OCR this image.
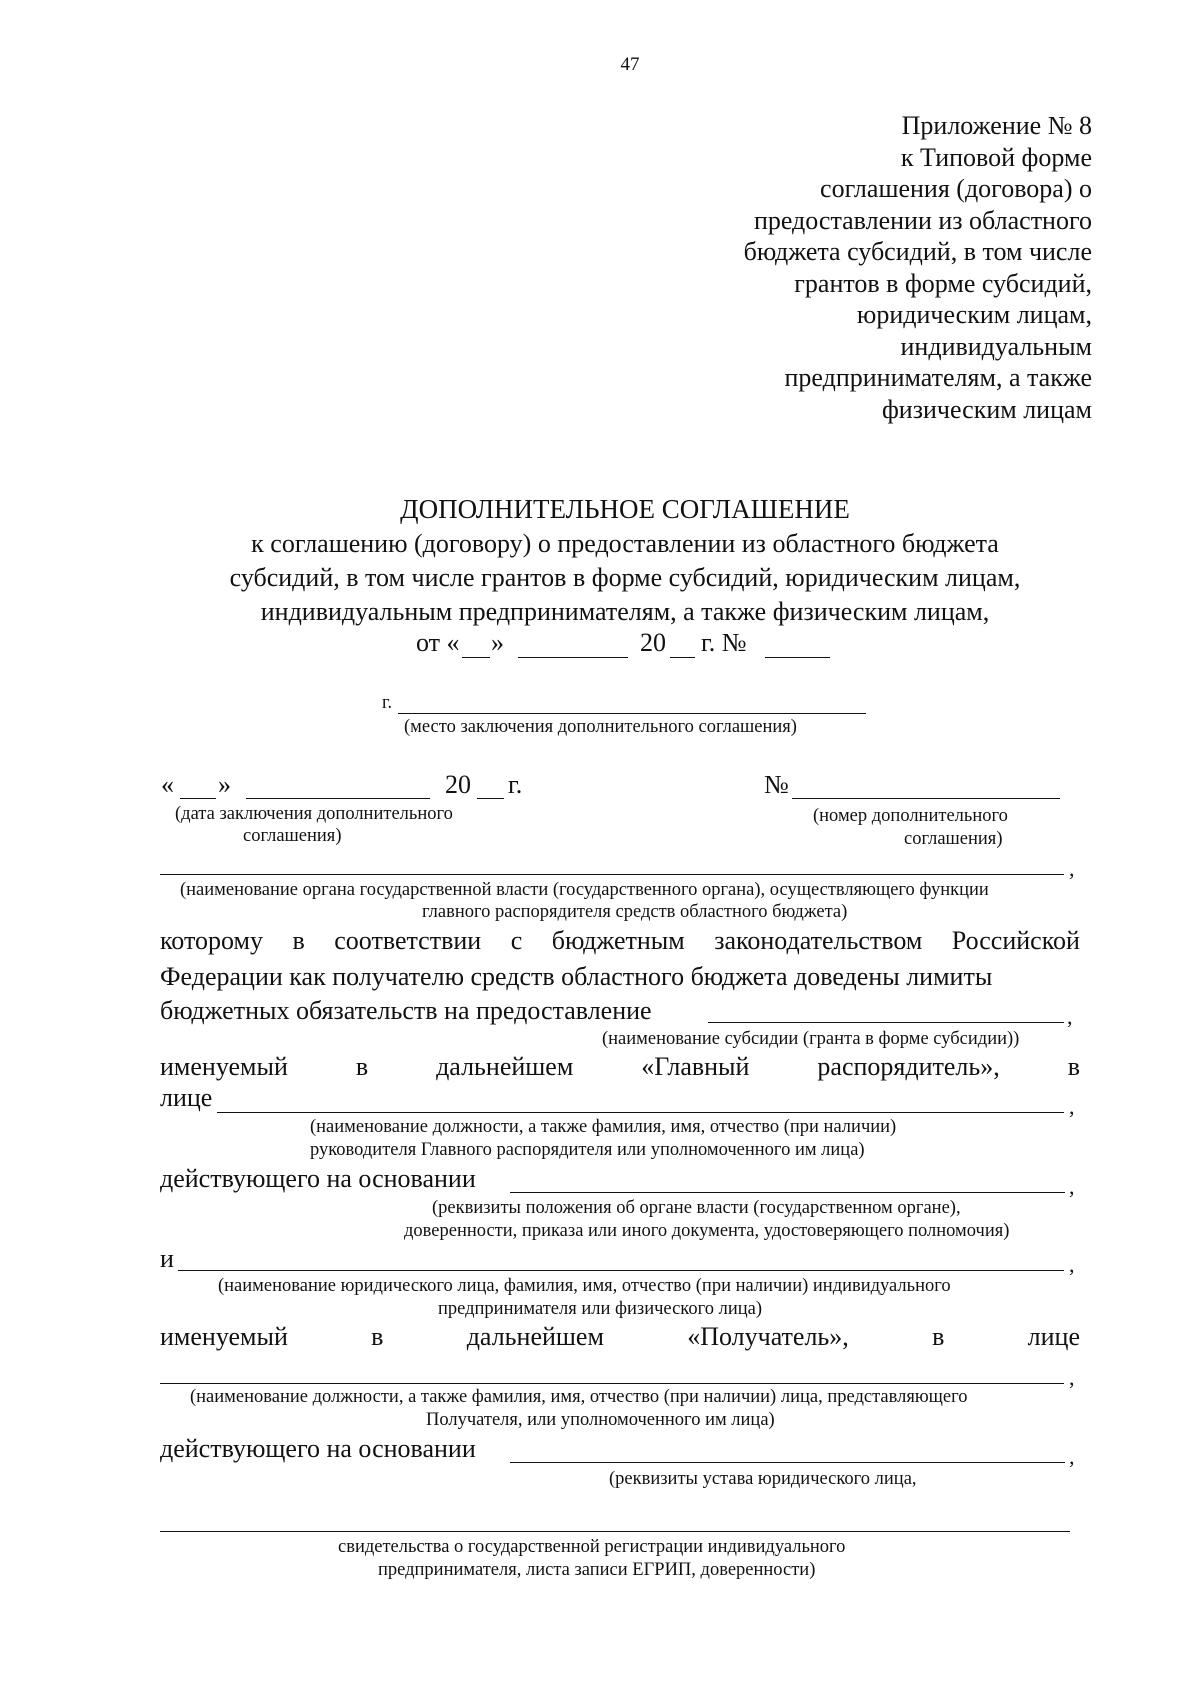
47
Приложение № 8
к Типовой форме
соглашения (договора) о
предоставлении из областного
бюджета субсидий, в том числе
грантов в форме субсидий,
юридическим лицам,
индивидуальным
предпринимателям, а также
физическим лицам
ДОПОЛНИТЕЛЬНОЕ СОГЛАШЕНИЕ
к соглашению (договору) о предоставлении из областного бюджета
субсидий, в том числе грантов в форме субсидий, юридическим лицам,
индивидуальным предпринимателям, а также физическим лицам,
от « »	20 г. №
г.
(место заключения дополнительного соглашения)
« »	20 г.
(дата заключения дополнительного
соглашения)
№
(номер дополнительного
соглашения)
,
(наименование органа государственной власти (государственного органа), осуществляющего функции
главного распорядителя средств областного бюджета)
которому в соответствии с бюджетным законодательством Российской
Федерации как получателю средств областного бюджета доведены лимиты
бюджетных обязательств на предоставление	,
(наименование субсидии (гранта в форме субсидии))
именуемый	в	дальнейшем	«Главный	распорядитель»,	в
лице	,
(наименование должности, а также фамилия, имя, отчество (при наличии)
руководителя Главного распорядителя или уполномоченного им лица)
действующего на основании	,
(реквизиты положения об органе власти (государственном органе),
доверенности, приказа или иного документа, удостоверяющего полномочия)
и	,
(наименование юридического лица, фамилия, имя, отчество (при наличии) индивидуального
предпринимателя или физического лица)
именуемый	в	дальнейшем	«Получатель»,	в	лице
,
(наименование должности, а также фамилия, имя, отчество (при наличии) лица, представляющего
Получателя, или уполномоченного им лица)
действующего на основании	,
(реквизиты устава юридического лица,
свидетельства о государственной регистрации индивидуального
предпринимателя, листа записи ЕГРИП, доверенности)
